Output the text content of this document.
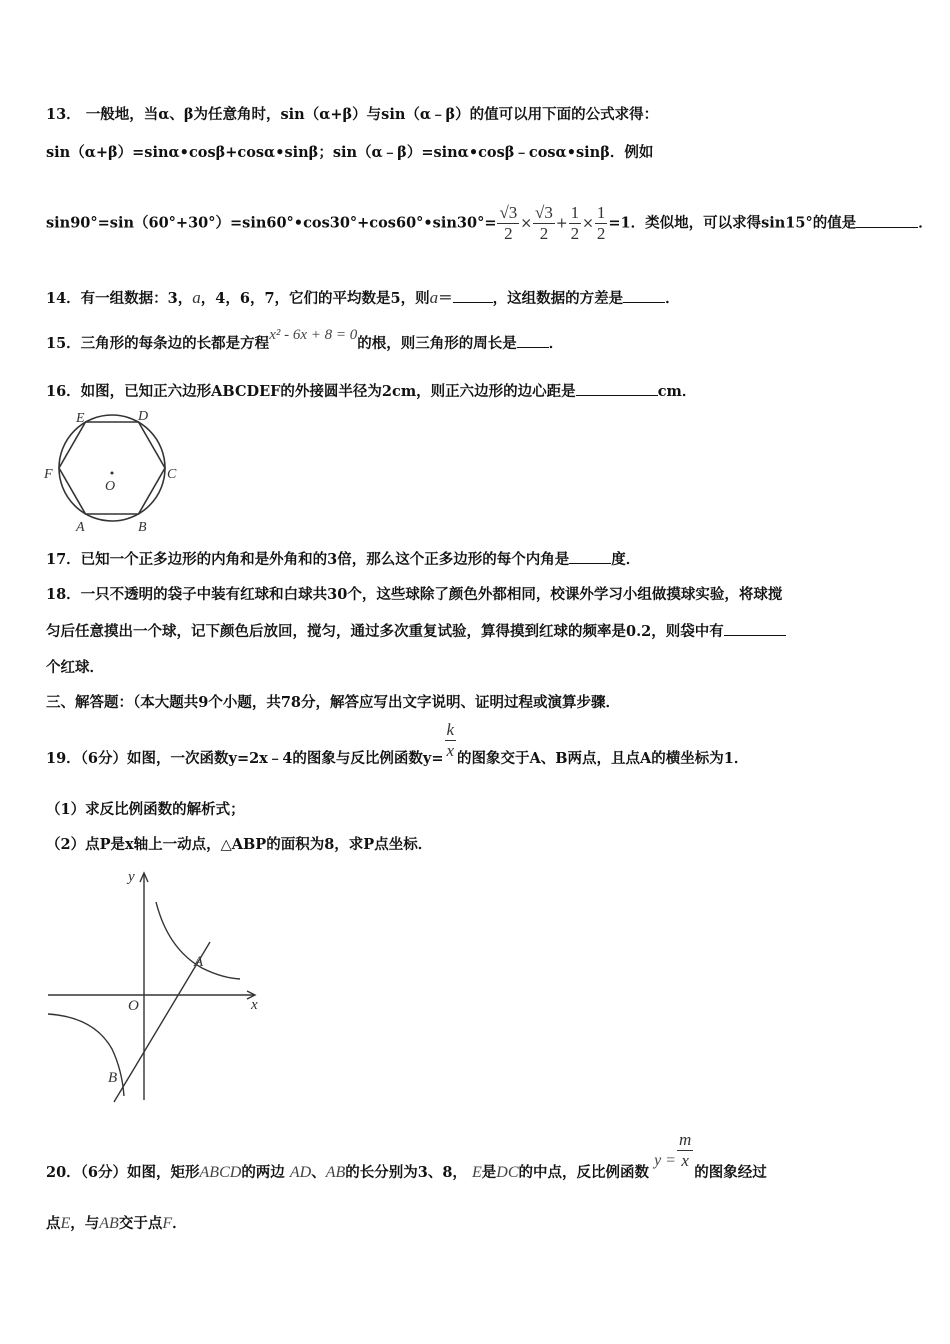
13． 一般地，当α、β为任意角时，sin（α+β）与sin（α﹣β）的值可以用下面的公式求得：
sin（α+β）=sinα•cosβ+cosα•sinβ；sin（α﹣β）=sinα•cosβ﹣cosα•sinβ．例如
sin90°=sin（60°+30°）=sin60°•cos30°+cos60°•sin30°= $\frac{√3}{2} \times \frac{√3}{2} + \frac{1}{2} \times \frac{1}{2} =1$．类似地，可以求得sin15°的值是	．
14．有一组数据：3，a，4，6，7，它们的平均数是5，则a＝	，这组数据的方差是	．
15．三角形的每条边的长都是方程x² - 6x + 8 = 0的根，则三角形的周长是 ．
16．如图，已知正六边形ABCDEF的外接圆半径为2cm，则正六边形的边心距是	cm．
E	D
F	C
O
A	B
17．已知一个正多边形的内角和是外角和的3倍，那么这个正多边形的每个内角是	度．
18．一只不透明的袋子中装有红球和白球共30个，这些球除了颜色外都相同，校课外学习小组做摸球实验，将球搅
匀后任意摸出一个球，记下颜色后放回，搅匀，通过多次重复试验，算得摸到红球的频率是0.2，则袋中有
个红球．
三、解答题：（本大题共9个小题，共78分，解答应写出文字说明、证明过程或演算步骤．
19．（6分）如图，一次函数y=2x﹣4的图象与反比例函数$y= \frac{k}{x}$ 的图象交于A、B两点，且点A的横坐标为1．
（1）求反比例函数的解析式；
（2）点P是x轴上一动点，△ABP的面积为8，求P点坐标．
y
x
O
A
B
20．（6分）如图，矩形ABCD的两边 AD、AB的长分别为3、8， E是DC的中点，反比例函数 $y = \frac{m}{x}$
的图象经过
点E，与AB交于点F．
